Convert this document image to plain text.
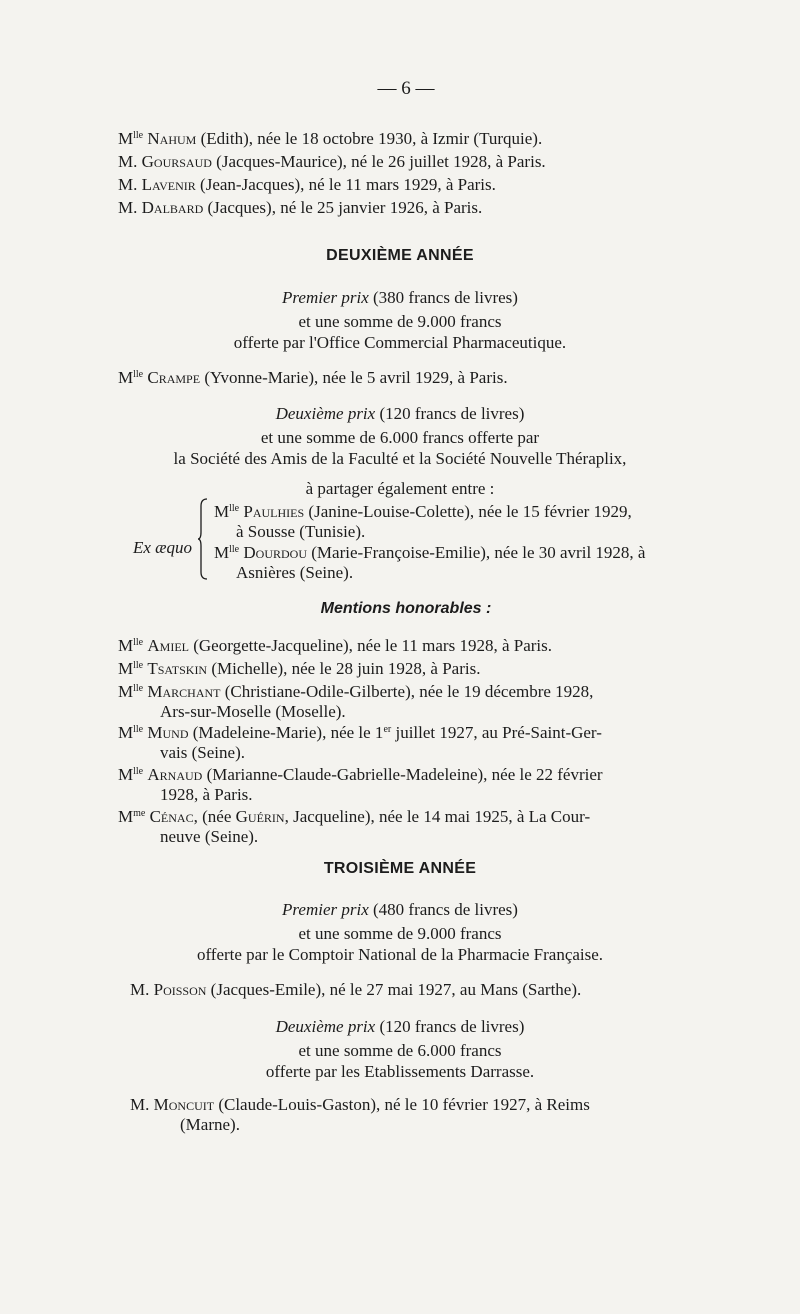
— 6 —
$M^{lle}$ Nahum (Edith), née le 18 octobre 1930, à Izmir (Turquie).
M. Goursaud (Jacques-Maurice), né le 26 juillet 1928, à Paris.
M. Lavenir (Jean-Jacques), né le 11 mars 1929, à Paris.
M. Dalbard (Jacques), né le 25 janvier 1926, à Paris.
DEUXIÈME ANNÉE
Premier prix (380 francs de livres)
et une somme de 9.000 francs
offerte par l'Office Commercial Pharmaceutique.
$M^{lle}$ Crampe (Yvonne-Marie), née le 5 avril 1929, à Paris.
Deuxième prix (120 francs de livres)
et une somme de 6.000 francs offerte par
la Société des Amis de la Faculté et la Société Nouvelle Théraplix,
à partager également entre :
Ex æquo
$M^{lle}$ Paulhies (Janine-Louise-Colette), née le 15 février 1929,
à Sousse (Tunisie).
$M^{lle}$ Dourdou (Marie-Françoise-Emilie), née le 30 avril 1928, à
Asnières (Seine).
Mentions honorables :
$M^{lle}$ Amiel (Georgette-Jacqueline), née le 11 mars 1928, à Paris.
$M^{lle}$ Tsatskin (Michelle), née le 28 juin 1928, à Paris.
$M^{lle}$ Marchant (Christiane-Odile-Gilberte), née le 19 décembre 1928,
Ars-sur-Moselle (Moselle).
$M^{lle}$ Mund (Madeleine-Marie), née le 1er juillet 1927, au Pré-Saint-Ger-
vais (Seine).
$M^{lle}$ Arnaud (Marianne-Claude-Gabrielle-Madeleine), née le 22 février
1928, à Paris.
$M^{me}$ Cénac, (née Guérin, Jacqueline), née le 14 mai 1925, à La Cour-
neuve (Seine).
TROISIÈME ANNÉE
Premier prix (480 francs de livres)
et une somme de 9.000 francs
offerte par le Comptoir National de la Pharmacie Française.
M. Poisson (Jacques-Emile), né le 27 mai 1927, au Mans (Sarthe).
Deuxième prix (120 francs de livres)
et une somme de 6.000 francs
offerte par les Etablissements Darrasse.
M. Moncuit (Claude-Louis-Gaston), né le 10 février 1927, à Reims
(Marne).
